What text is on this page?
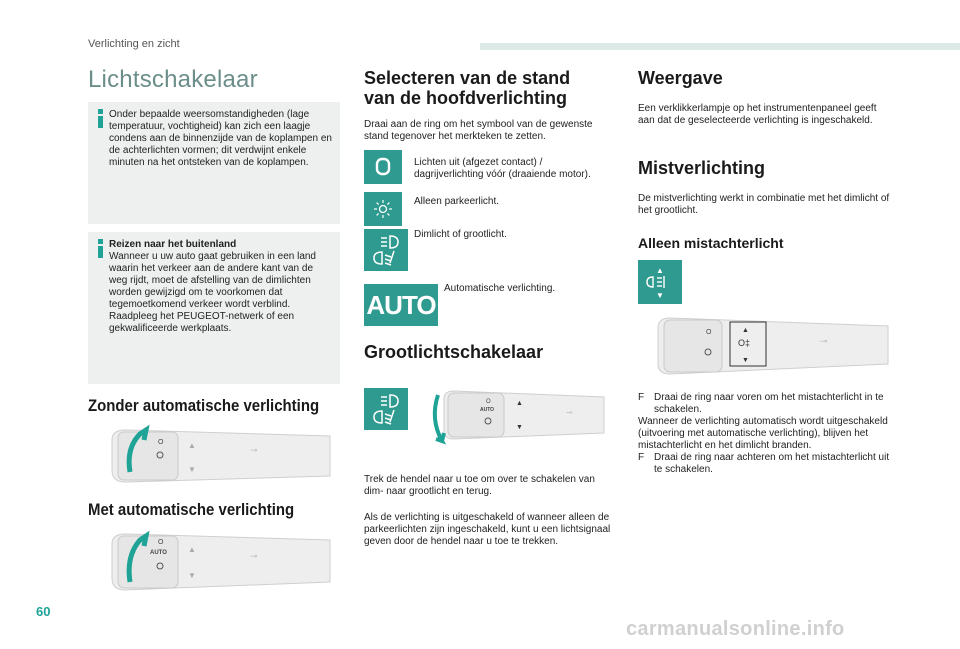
Verlichting en zicht
Lichtschakelaar
Onder bepaalde weersomstandigheden (lage temperatuur, vochtigheid) kan zich een laagje condens aan de binnenzijde van de koplampen en de achterlichten vormen; dit verdwijnt enkele minuten na het ontsteken van de koplampen.
Reizen naar het buitenland
Wanneer u uw auto gaat gebruiken in een land waarin het verkeer aan de andere kant van de weg rijdt, moet de afstelling van de dimlichten worden gewijzigd om te voorkomen dat tegemoetkomend verkeer wordt verblind. Raadpleeg het PEUGEOT-netwerk of een gekwalificeerde werkplaats.
Zonder automatische verlichting
O	▲
▼
⊸
Met automatische verlichting
O
AUTO	▲
▼
⊸
Selecteren van de stand van de hoofdverlichting
Draai aan de ring om het symbool van de gewenste stand tegenover het merkteken te zetten.
Lichten uit (afgezet contact) / dagrijverlichting vóór (draaiende motor).
Alleen parkeerlicht.
Dimlicht of grootlicht.
AUTO
Automatische verlichting.
Grootlichtschakelaar
O
AUTO
▲
▼
⊸
Trek de hendel naar u toe om over te schakelen van dim- naar grootlicht en terug.
Als de verlichting is uitgeschakeld of wanneer alleen de parkeerlichten zijn ingeschakeld, kunt u een lichtsignaal geven door de hendel naar u toe te trekken.
Weergave
Een verklikkerlampje op het instrumentenpaneel geeft aan dat de geselecteerde verlichting is ingeschakeld.
Mistverlichting
De mistverlichting werkt in combinatie met het dimlicht of het grootlicht.
Alleen mistachterlicht
▲
▼
O	▲
O‡
▼
⊸
F Draai de ring naar voren om het mistachterlicht in te schakelen.
Wanneer de verlichting automatisch wordt uitgeschakeld (uitvoering met automatische verlichting), blijven het mistachterlicht en het dimlicht branden.
F Draai de ring naar achteren om het mistachterlicht uit te schakelen.
60
carmanualsonline.info
